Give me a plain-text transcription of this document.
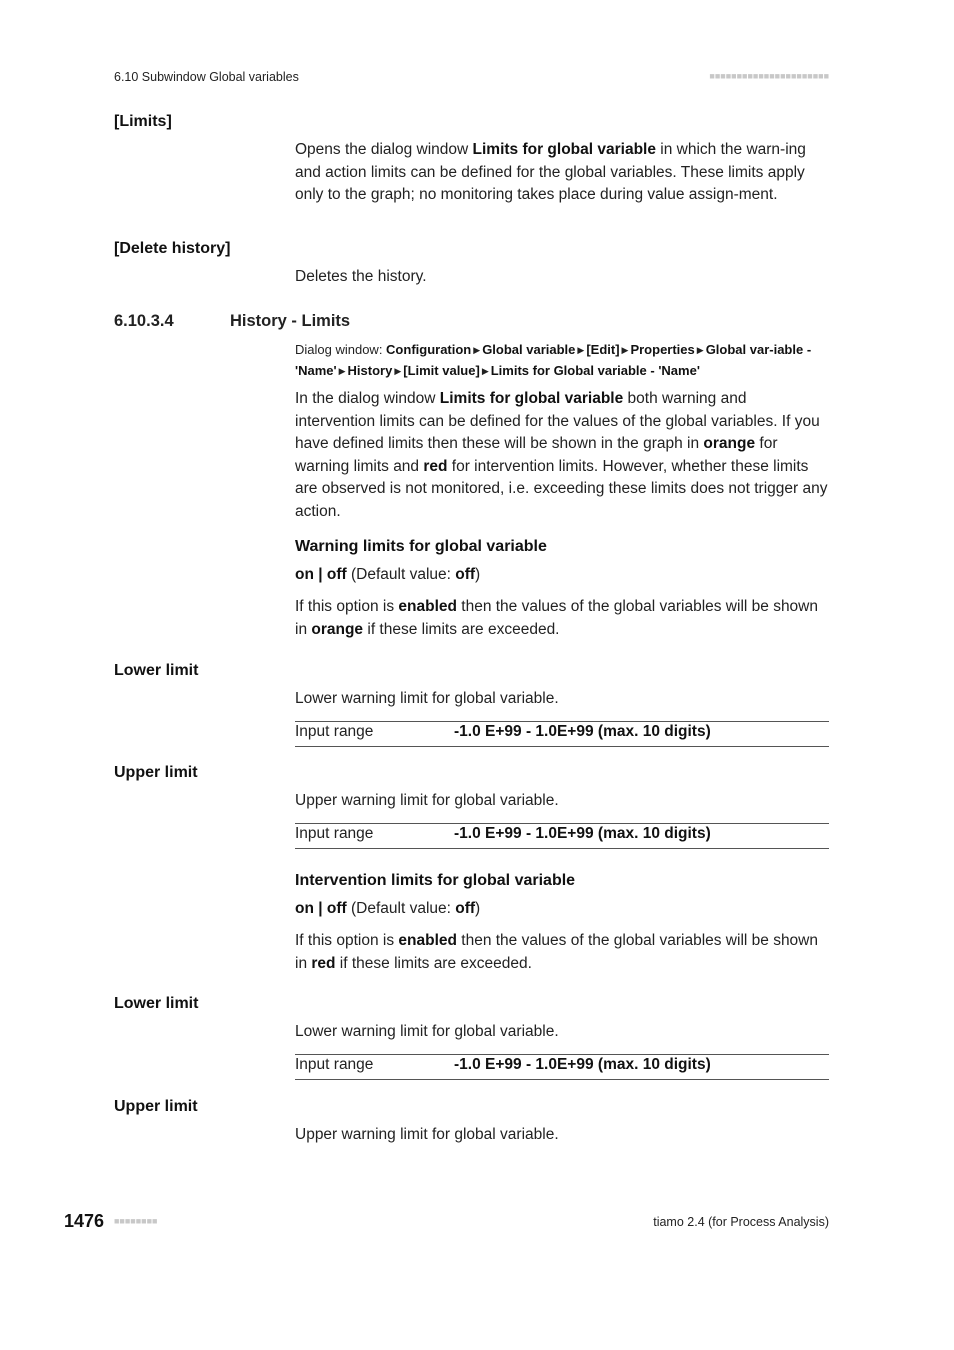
6.10 Subwindow Global variables	■■■■■■■■■■■■■■■■■■■■■■
[Limits]
Opens the dialog window Limits for global variable in which the warn-ing and action limits can be defined for the global variables. These limits apply only to the graph; no monitoring takes place during value assign-ment.
[Delete history]
Deletes the history.
6.10.3.4	History - Limits
Dialog window: Configuration ▶ Global variable ▶ [Edit] ▶ Properties ▶ Global var-iable - 'Name' ▶ History ▶ [Limit value] ▶ Limits for Global variable - 'Name'
In the dialog window Limits for global variable both warning and intervention limits can be defined for the values of the global variables. If you have defined limits then these will be shown in the graph in orange for warning limits and red for intervention limits. However, whether these limits are observed is not monitored, i.e. exceeding these limits does not trigger any action.
Warning limits for global variable
on | off (Default value: off)
If this option is enabled then the values of the global variables will be shown in orange if these limits are exceeded.
Lower limit
Lower warning limit for global variable.
Input range	-1.0 E+99 - 1.0E+99 (max. 10 digits)
Upper limit
Upper warning limit for global variable.
Input range	-1.0 E+99 - 1.0E+99 (max. 10 digits)
Intervention limits for global variable
on | off (Default value: off)
If this option is enabled then the values of the global variables will be shown in red if these limits are exceeded.
Lower limit
Lower warning limit for global variable.
Input range	-1.0 E+99 - 1.0E+99 (max. 10 digits)
Upper limit
Upper warning limit for global variable.
1476 ■■■■■■■■	tiamo 2.4 (for Process Analysis)
